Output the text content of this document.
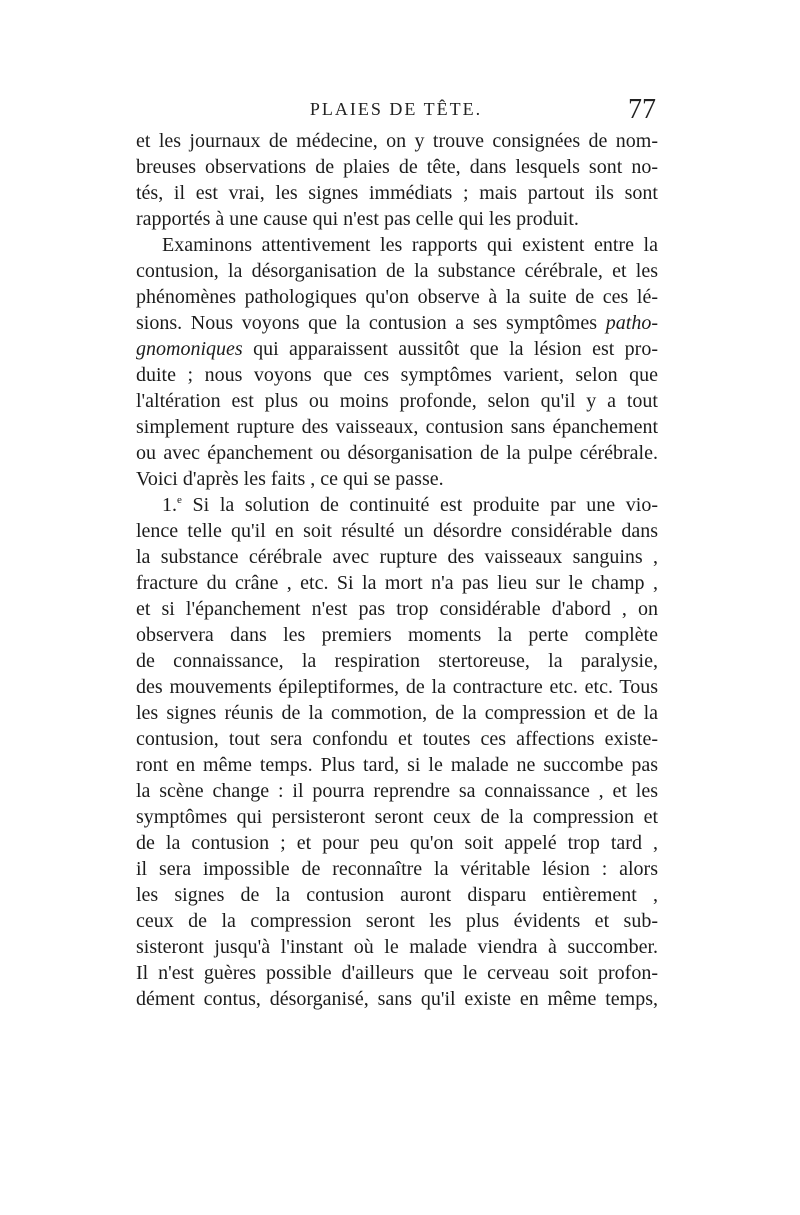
PLAIES DE TÊTE.	77
et les journaux de médecine, on y trouve consignées de nom-
breuses observations de plaies de tête, dans lesquels sont no-
tés, il est vrai, les signes immédiats ; mais partout ils sont
rapportés à une cause qui n'est pas celle qui les produit.
Examinons attentivement les rapports qui existent entre la
contusion, la désorganisation de la substance cérébrale, et les
phénomènes pathologiques qu'on observe à la suite de ces lé-
sions. Nous voyons que la contusion a ses symptômes patho-
gnomoniques qui apparaissent aussitôt que la lésion est pro-
duite ; nous voyons que ces symptômes varient, selon que
l'altération est plus ou moins profonde, selon qu'il y a tout
simplement rupture des vaisseaux, contusion sans épanchement
ou avec épanchement ou désorganisation de la pulpe cérébrale.
Voici d'après les faits , ce qui se passe.
1.$^e$ Si la solution de continuité est produite par une vio-
lence telle qu'il en soit résulté un désordre considérable dans
la substance cérébrale avec rupture des vaisseaux sanguins ,
fracture du crâne , etc. Si la mort n'a pas lieu sur le champ ,
et si l'épanchement n'est pas trop considérable d'abord , on
observera dans les premiers moments la perte complète
de connaissance, la respiration stertoreuse, la paralysie,
des mouvements épileptiformes, de la contracture etc. etc. Tous
les signes réunis de la commotion, de la compression et de la
contusion, tout sera confondu et toutes ces affections existe-
ront en même temps. Plus tard, si le malade ne succombe pas
la scène change : il pourra reprendre sa connaissance , et les
symptômes qui persisteront seront ceux de la compression et
de la contusion ; et pour peu qu'on soit appelé trop tard ,
il sera impossible de reconnaître la véritable lésion : alors
les signes de la contusion auront disparu entièrement ,
ceux de la compression seront les plus évidents et sub-
sisteront jusqu'à l'instant où le malade viendra à succomber.
Il n'est guères possible d'ailleurs que le cerveau soit profon-
dément contus, désorganisé, sans qu'il existe en même temps,
